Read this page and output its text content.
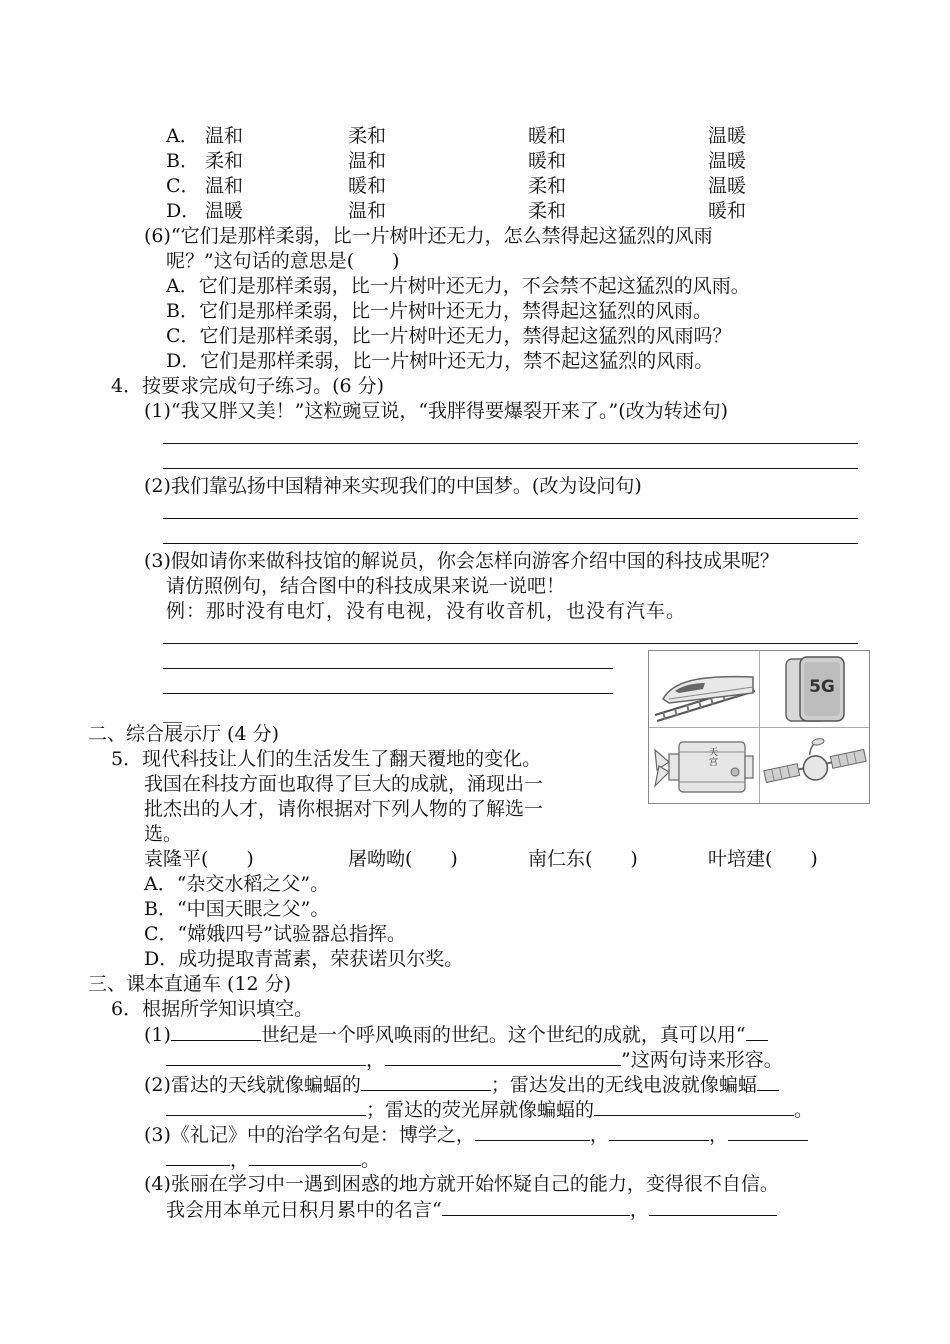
A． 温和	柔和	暖和	温暖
B． 柔和	温和	暖和	温暖
C． 温和	暖和	柔和	温暖
D． 温暖	温和	柔和	暖和
(6)“它们是那样柔弱，比一片树叶还无力，怎么禁得起这猛烈的风雨
呢？”这句话的意思是(　　)
A．它们是那样柔弱，比一片树叶还无力，不会禁不起这猛烈的风雨。
B．它们是那样柔弱，比一片树叶还无力，禁得起这猛烈的风雨。
C．它们是那样柔弱，比一片树叶还无力，禁得起这猛烈的风雨吗？
D．它们是那样柔弱，比一片树叶还无力，禁不起这猛烈的风雨。
4．按要求完成句子练习。(6 分)
(1)“我又胖又美！”这粒豌豆说，“我胖得要爆裂开来了。”(改为转述句)
(2)我们靠弘扬中国精神来实现我们的中国梦。(改为设问句)
(3)假如请你来做科技馆的解说员，你会怎样向游客介绍中国的科技成果呢？
请仿照例句，结合图中的科技成果来说一说吧！
例：那时没有电灯，没有电视，没有收音机，也没有汽车。
__
5G
天宫
二、综合展示厅 (4 分)
5．现代科技让人们的生活发生了翻天覆地的变化。
我国在科技方面也取得了巨大的成就，涌现出一
批杰出的人才，请你根据对下列人物的了解选一
选。
袁隆平(　　)	屠呦呦(　　)	南仁东(　　)	叶培建(　　)
A．“杂交水稻之父”。
B．“中国天眼之父”。
C．“嫦娥四号”试验器总指挥。
D．成功提取青蒿素，荣获诺贝尔奖。
三、课本直通车 (12 分)
6．根据所学知识填空。
(1)	世纪是一个呼风唤雨的世纪。这个世纪的成就，真可以用“
，	”这两句诗来形容。
(2)雷达的天线就像蝙蝠的	；雷达发出的无线电波就像蝙蝠
；雷达的荧光屏就像蝙蝠的	。
(3)《礼记》中的治学名句是：博学之，	，	，
，	。
(4)张丽在学习中一遇到困惑的地方就开始怀疑自己的能力，变得很不自信。
我会用本单元日积月累中的名言“	，
